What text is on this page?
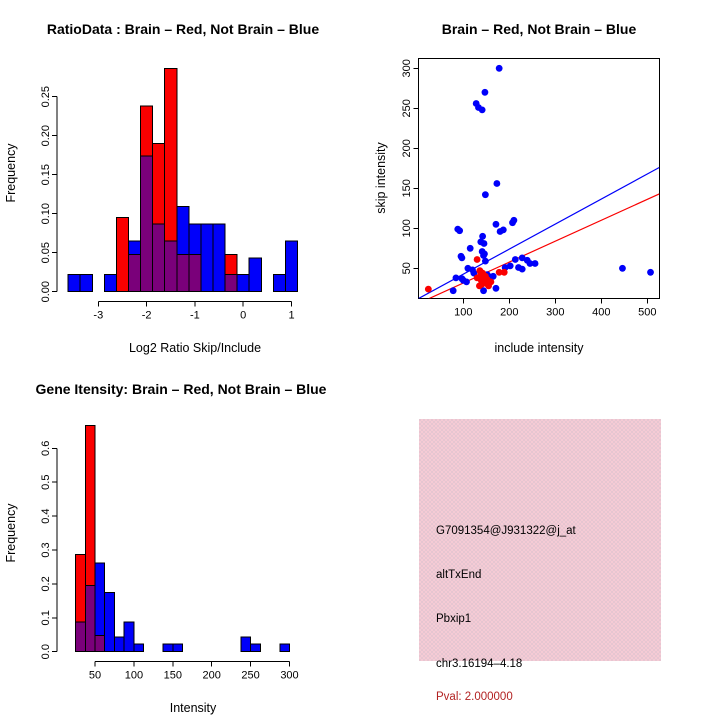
0.00
0.05
0.10
0.15
0.20
0.25
-3	-2	-1	0	1
RatioData : Brain – Red, Not Brain – Blue
Log2 Ratio Skip/Include
Frequency
50
100
150
200
250
300
100	200	300	400	500
Brain – Red, Not Brain – Blue
include intensity
skip intensity
0.0
0.1
0.2
0.3
0.4
0.5
0.6
50 100 150 200 250 300
Gene Itensity: Brain – Red, Not Brain – Blue
Intensity
Frequency	G7091354@J931322@j_at
altTxEnd
Pbxip1
chr3.16194–4.18
Pval: 2.000000
